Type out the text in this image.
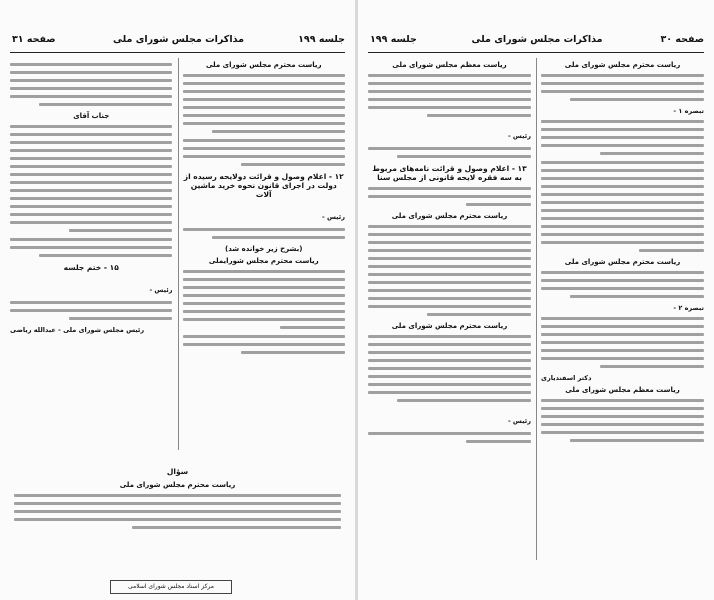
صفحه ۳۱	مذاکرات مجلس شورای ملی	جلسه ۱۹۹
ریاست محترم مجلس شورای ملی
۱۲ - اعلام وصول و قرائت دولایحه رسیده از دولت در اجرای قانون نحوه خرید ماشین آلات
رئیس -
(بشرح زیر خوانده شد)
ریاست محترم مجلس شورایملی
جناب آقای
۱۵ - ختم جلسه
رئیس -
رئیس مجلس شورای ملی - عبدالله ریاضی
سؤال
ریاست محترم مجلس شورای ملی
مرکز اسناد مجلس شورای اسلامی
جلسه ۱۹۹	مذاکرات مجلس شورای ملی	صفحه ۳۰
ریاست محترم مجلس شورای ملی
تبصره ۱ -
ریاست محترم مجلس شورای ملی
تبصره ۲ -
دکتر اسفندیاری
ریاست معظم مجلس شورای ملی
ریاست معظم مجلس شورای ملی
رئیس -
۱۳ - اعلام وصول و قرائت نامه‌های مربوط به سه فقره لایحه قانونی از مجلس سنا
ریاست محترم مجلس شورای ملی
ریاست محترم مجلس شورای ملی
رئیس -
